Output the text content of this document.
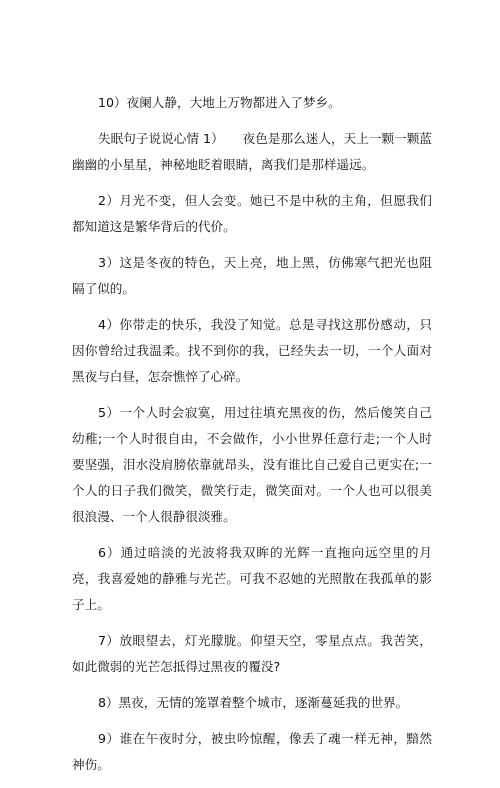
10）夜阑人静，大地上万物都进入了梦乡。

失眠句子说说心情 1）　　夜色是那么迷人，天上一颗一颗蓝幽幽的小星星，神秘地眨着眼睛，离我们是那样遥远。

2）月光不变，但人会变。她已不是中秋的主角，但愿我们都知道这是繁华背后的代价。

3）这是冬夜的特色，天上亮，地上黑，仿佛寒气把光也阻隔了似的。

4）你带走的快乐，我没了知觉。总是寻找这那份感动，只因你曾给过我温柔。找不到你的我，已经失去一切，一个人面对黑夜与白昼，怎奈憔悴了心碎。

5）一个人时会寂寞，用过往填充黑夜的伤，然后傻笑自己幼稚;一个人时很自由，不会做作，小小世界任意行走;一个人时要坚强，泪水没肩膀依靠就昂头，没有谁比自己爱自己更实在;一个人的日子我们微笑，微笑行走，微笑面对。一个人也可以很美很浪漫、一个人很静很淡雅。

6）通过暗淡的光波将我双眸的光辉一直拖向远空里的月亮，我喜爱她的静雅与光芒。可我不忍她的光照散在我孤单的影子上。

7）放眼望去，灯光朦胧。仰望天空，零星点点。我苦笑，如此微弱的光芒怎抵得过黑夜的覆没?

8）黑夜，无情的笼罩着整个城市，逐渐蔓延我的世界。

9）谁在午夜时分，被虫吟惊醒，像丢了魂一样无神，黯然神伤。
